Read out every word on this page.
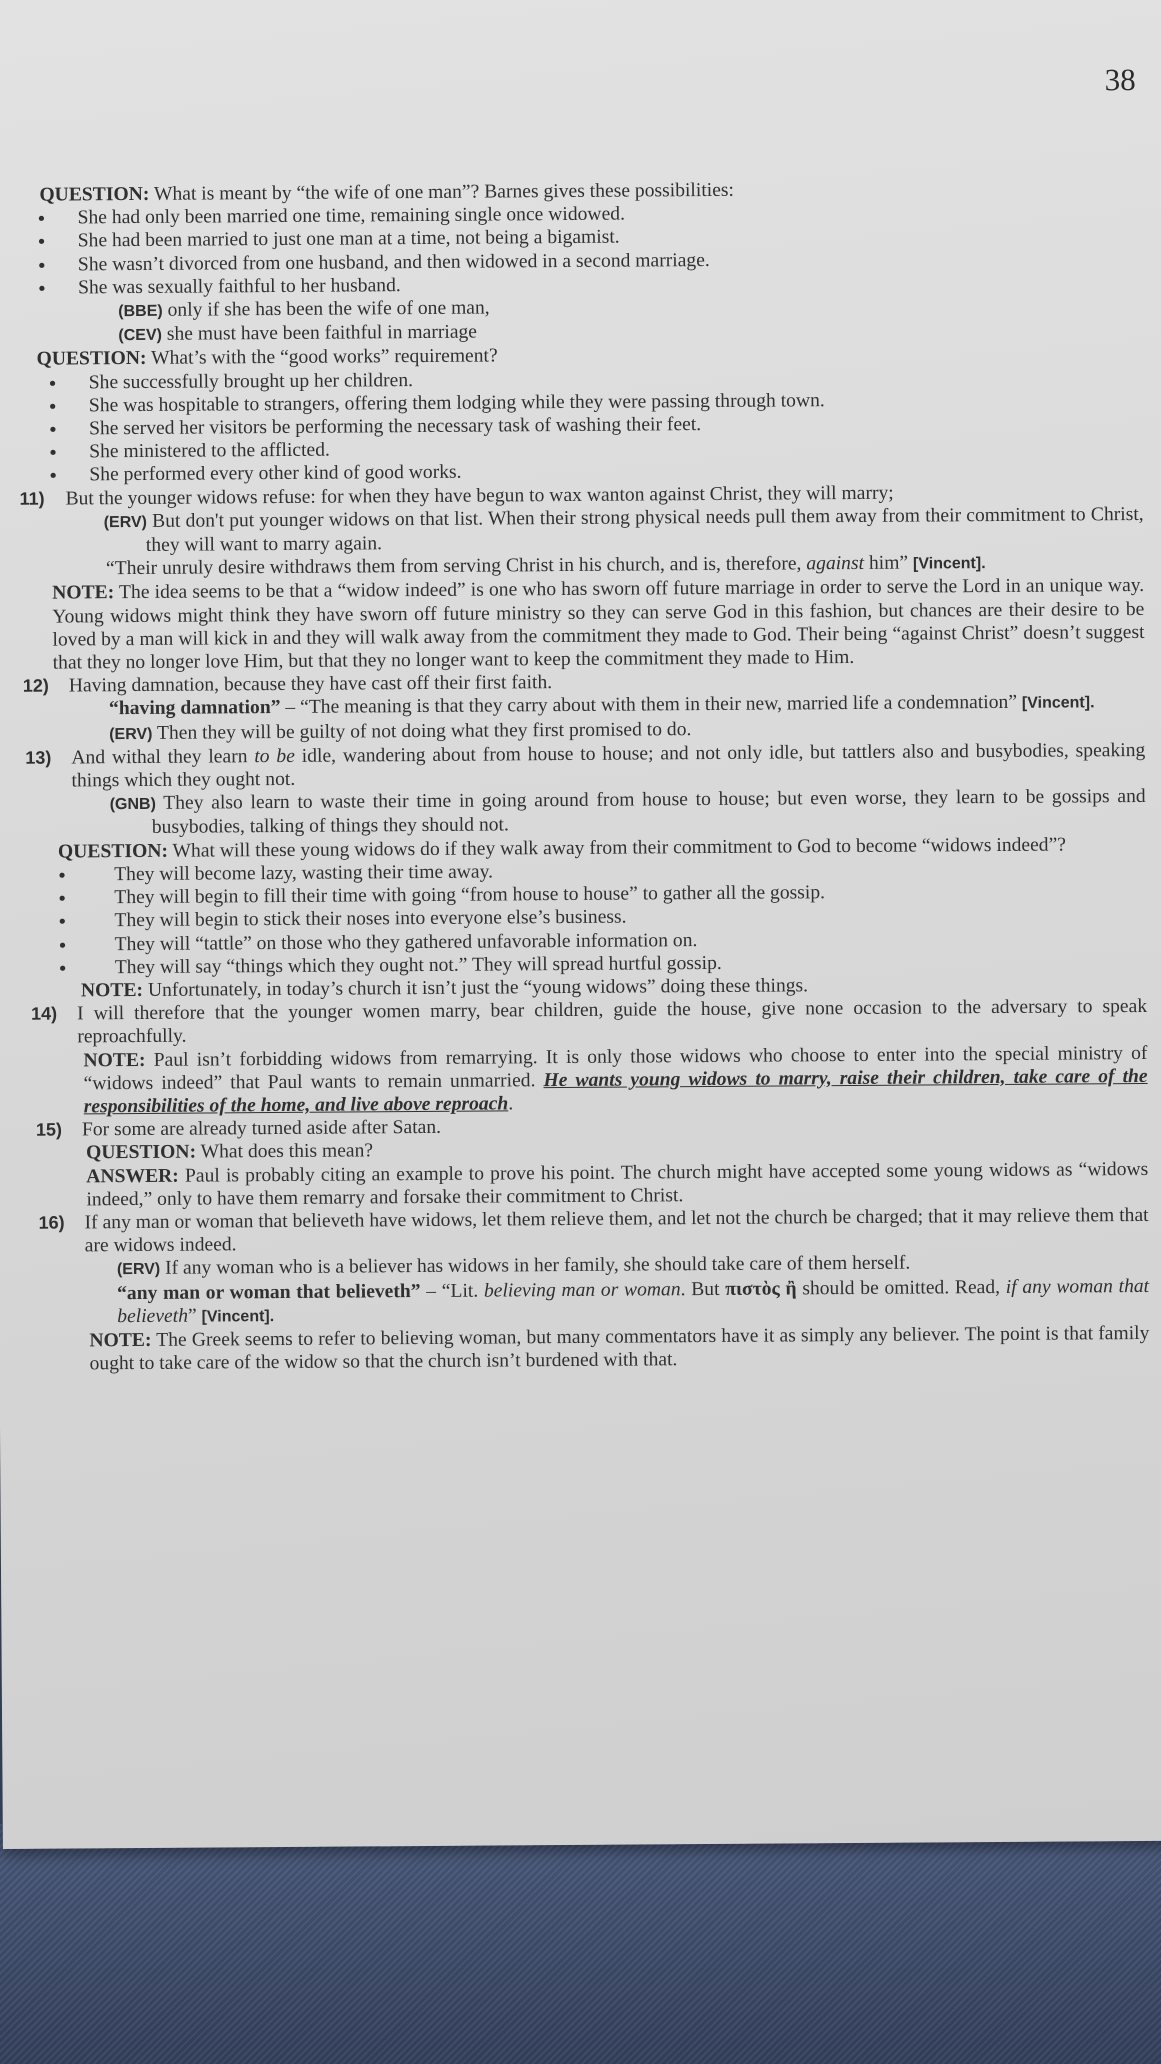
38

QUESTION: What is meant by “the wife of one man”? Barnes gives these possibilities:

• She had only been married one time, remaining single once widowed.
• She had been married to just one man at a time, not being a bigamist.
• She wasn’t divorced from one husband, and then widowed in a second marriage.
• She was sexually faithful to her husband.

(BBE) only if she has been the wife of one man,

(CEV) she must have been faithful in marriage

QUESTION: What’s with the “good works” requirement?

• She successfully brought up her children.
• She was hospitable to strangers, offering them lodging while they were passing through town.
• She served her visitors be performing the necessary task of washing their feet.
• She ministered to the afflicted.
• She performed every other kind of good works.

11) But the younger widows refuse: for when they have begun to wax wanton against Christ, they will marry;

(ERV) But don't put younger widows on that list. When their strong physical needs pull them away from their commitment to Christ, they will want to marry again.

“Their unruly desire withdraws them from serving Christ in his church, and is, therefore, against him” [Vincent].

NOTE: The idea seems to be that a “widow indeed” is one who has sworn off future marriage in order to serve the Lord in an unique way. Young widows might think they have sworn off future ministry so they can serve God in this fashion, but chances are their desire to be loved by a man will kick in and they will walk away from the commitment they made to God. Their being “against Christ” doesn’t suggest that they no longer love Him, but that they no longer want to keep the commitment they made to Him.

12) Having damnation, because they have cast off their first faith.

“having damnation” – “The meaning is that they carry about with them in their new, married life a condemnation” [Vincent].

(ERV) Then they will be guilty of not doing what they first promised to do.

13) And withal they learn to be idle, wandering about from house to house; and not only idle, but tattlers also and busybodies, speaking things which they ought not.

(GNB) They also learn to waste their time in going around from house to house; but even worse, they learn to be gossips and busybodies, talking of things they should not.

QUESTION: What will these young widows do if they walk away from their commitment to God to become “widows indeed”?

• They will become lazy, wasting their time away.
• They will begin to fill their time with going “from house to house” to gather all the gossip.
• They will begin to stick their noses into everyone else’s business.
• They will “tattle” on those who they gathered unfavorable information on.
• They will say “things which they ought not.” They will spread hurtful gossip.

NOTE: Unfortunately, in today’s church it isn’t just the “young widows” doing these things.

14) I will therefore that the younger women marry, bear children, guide the house, give none occasion to the adversary to speak reproachfully.

NOTE: Paul isn’t forbidding widows from remarrying. It is only those widows who choose to enter into the special ministry of “widows indeed” that Paul wants to remain unmarried. He wants young widows to marry, raise their children, take care of the responsibilities of the home, and live above reproach.

15) For some are already turned aside after Satan.

QUESTION: What does this mean?

ANSWER: Paul is probably citing an example to prove his point. The church might have accepted some young widows as “widows indeed,” only to have them remarry and forsake their commitment to Christ.

16) If any man or woman that believeth have widows, let them relieve them, and let not the church be charged; that it may relieve them that are widows indeed.

(ERV) If any woman who is a believer has widows in her family, she should take care of them herself.

“any man or woman that believeth” – “Lit. believing man or woman. But πιστὸς ἢ should be omitted. Read, if any woman that believeth” [Vincent].

NOTE: The Greek seems to refer to believing woman, but many commentators have it as simply any believer. The point is that family ought to take care of the widow so that the church isn’t burdened with that.
